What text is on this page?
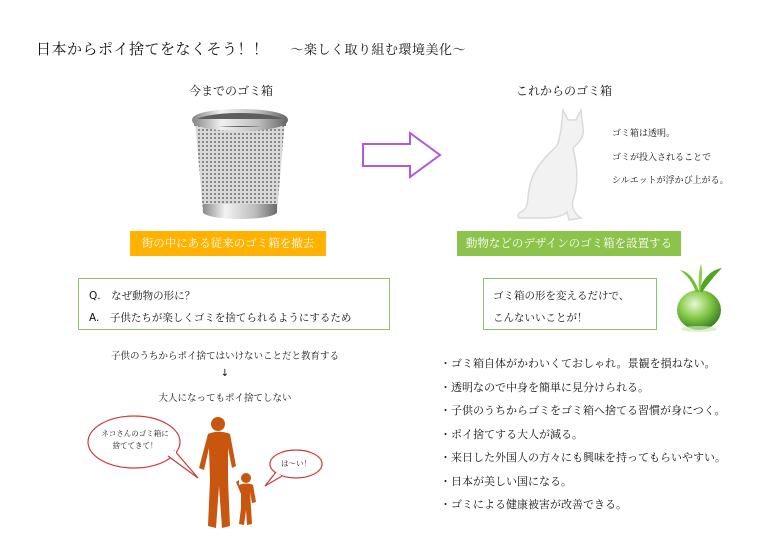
日本からポイ捨てをなくそう！！ ～楽しく取り組む環境美化～
今までのゴミ箱	これからのゴミ箱
ゴミ箱は透明。
ゴミが投入されることで
シルエットが浮かび上がる。
街の中にある従来のゴミ箱を撤去	動物などのデザインのゴミ箱を設置する
Q.　なぜ動物の形に？
A.　子供たちが楽しくゴミを捨てられるようにするため
ゴミ箱の形を変えるだけで、
こんないいことが！
子供のうちからポイ捨てはいけないことだと教育する
↓
大人になってもポイ捨てしない
ネコさんのゴミ箱に
捨ててきて！
は～い！
・ゴミ箱自体がかわいくておしゃれ。景観を損ねない。
・透明なので中身を簡単に見分けられる。
・子供のうちからゴミをゴミ箱へ捨てる習慣が身につく。
・ポイ捨てする大人が減る。
・来日した外国人の方々にも興味を持ってもらいやすい。
・日本が美しい国になる。
・ゴミによる健康被害が改善できる。
